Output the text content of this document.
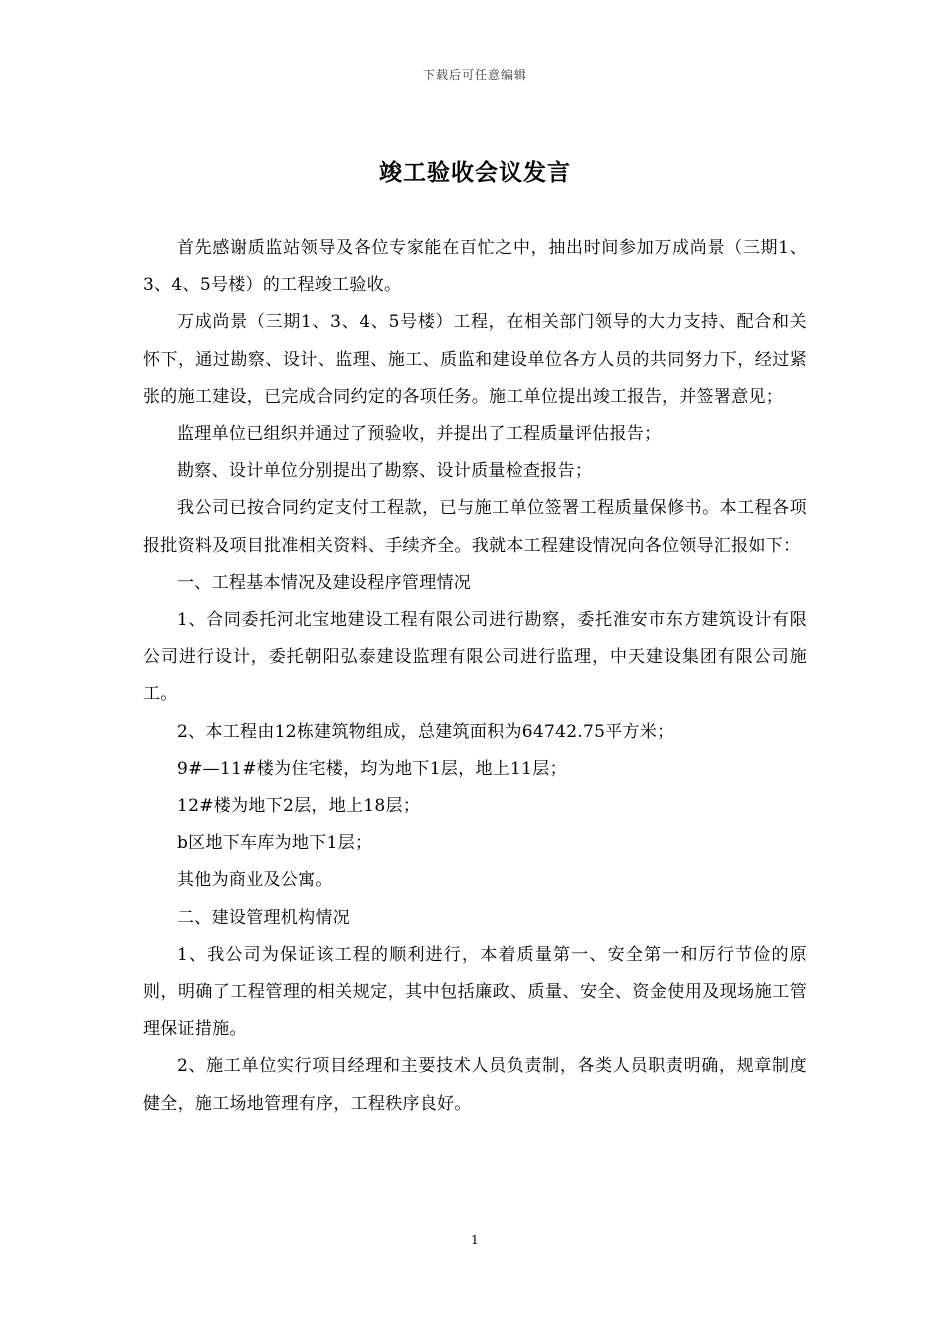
下载后可任意编辑
竣工验收会议发言

首先感谢质监站领导及各位专家能在百忙之中，抽出时间参加万成尚景（三期1、3、4、5号楼）的工程竣工验收。

万成尚景（三期1、3、4、5号楼）工程，在相关部门领导的大力支持、配合和关怀下，通过勘察、设计、监理、施工、质监和建设单位各方人员的共同努力下，经过紧张的施工建设，已完成合同约定的各项任务。施工单位提出竣工报告，并签署意见；

监理单位已组织并通过了预验收，并提出了工程质量评估报告；

勘察、设计单位分别提出了勘察、设计质量检查报告；

我公司已按合同约定支付工程款，已与施工单位签署工程质量保修书。本工程各项报批资料及项目批准相关资料、手续齐全。我就本工程建设情况向各位领导汇报如下：

一、工程基本情况及建设程序管理情况

1、合同委托河北宝地建设工程有限公司进行勘察，委托淮安市东方建筑设计有限公司进行设计，委托朝阳弘泰建设监理有限公司进行监理，中天建设集团有限公司施工。

2、本工程由12栋建筑物组成，总建筑面积为64742.75平方米；

9#—11#楼为住宅楼，均为地下1层，地上11层；

12#楼为地下2层，地上18层；

b区地下车库为地下1层；

其他为商业及公寓。

二、建设管理机构情况

1、我公司为保证该工程的顺利进行，本着质量第一、安全第一和厉行节俭的原则，明确了工程管理的相关规定，其中包括廉政、质量、安全、资金使用及现场施工管理保证措施。

2、施工单位实行项目经理和主要技术人员负责制，各类人员职责明确，规章制度健全，施工场地管理有序，工程秩序良好。

1
